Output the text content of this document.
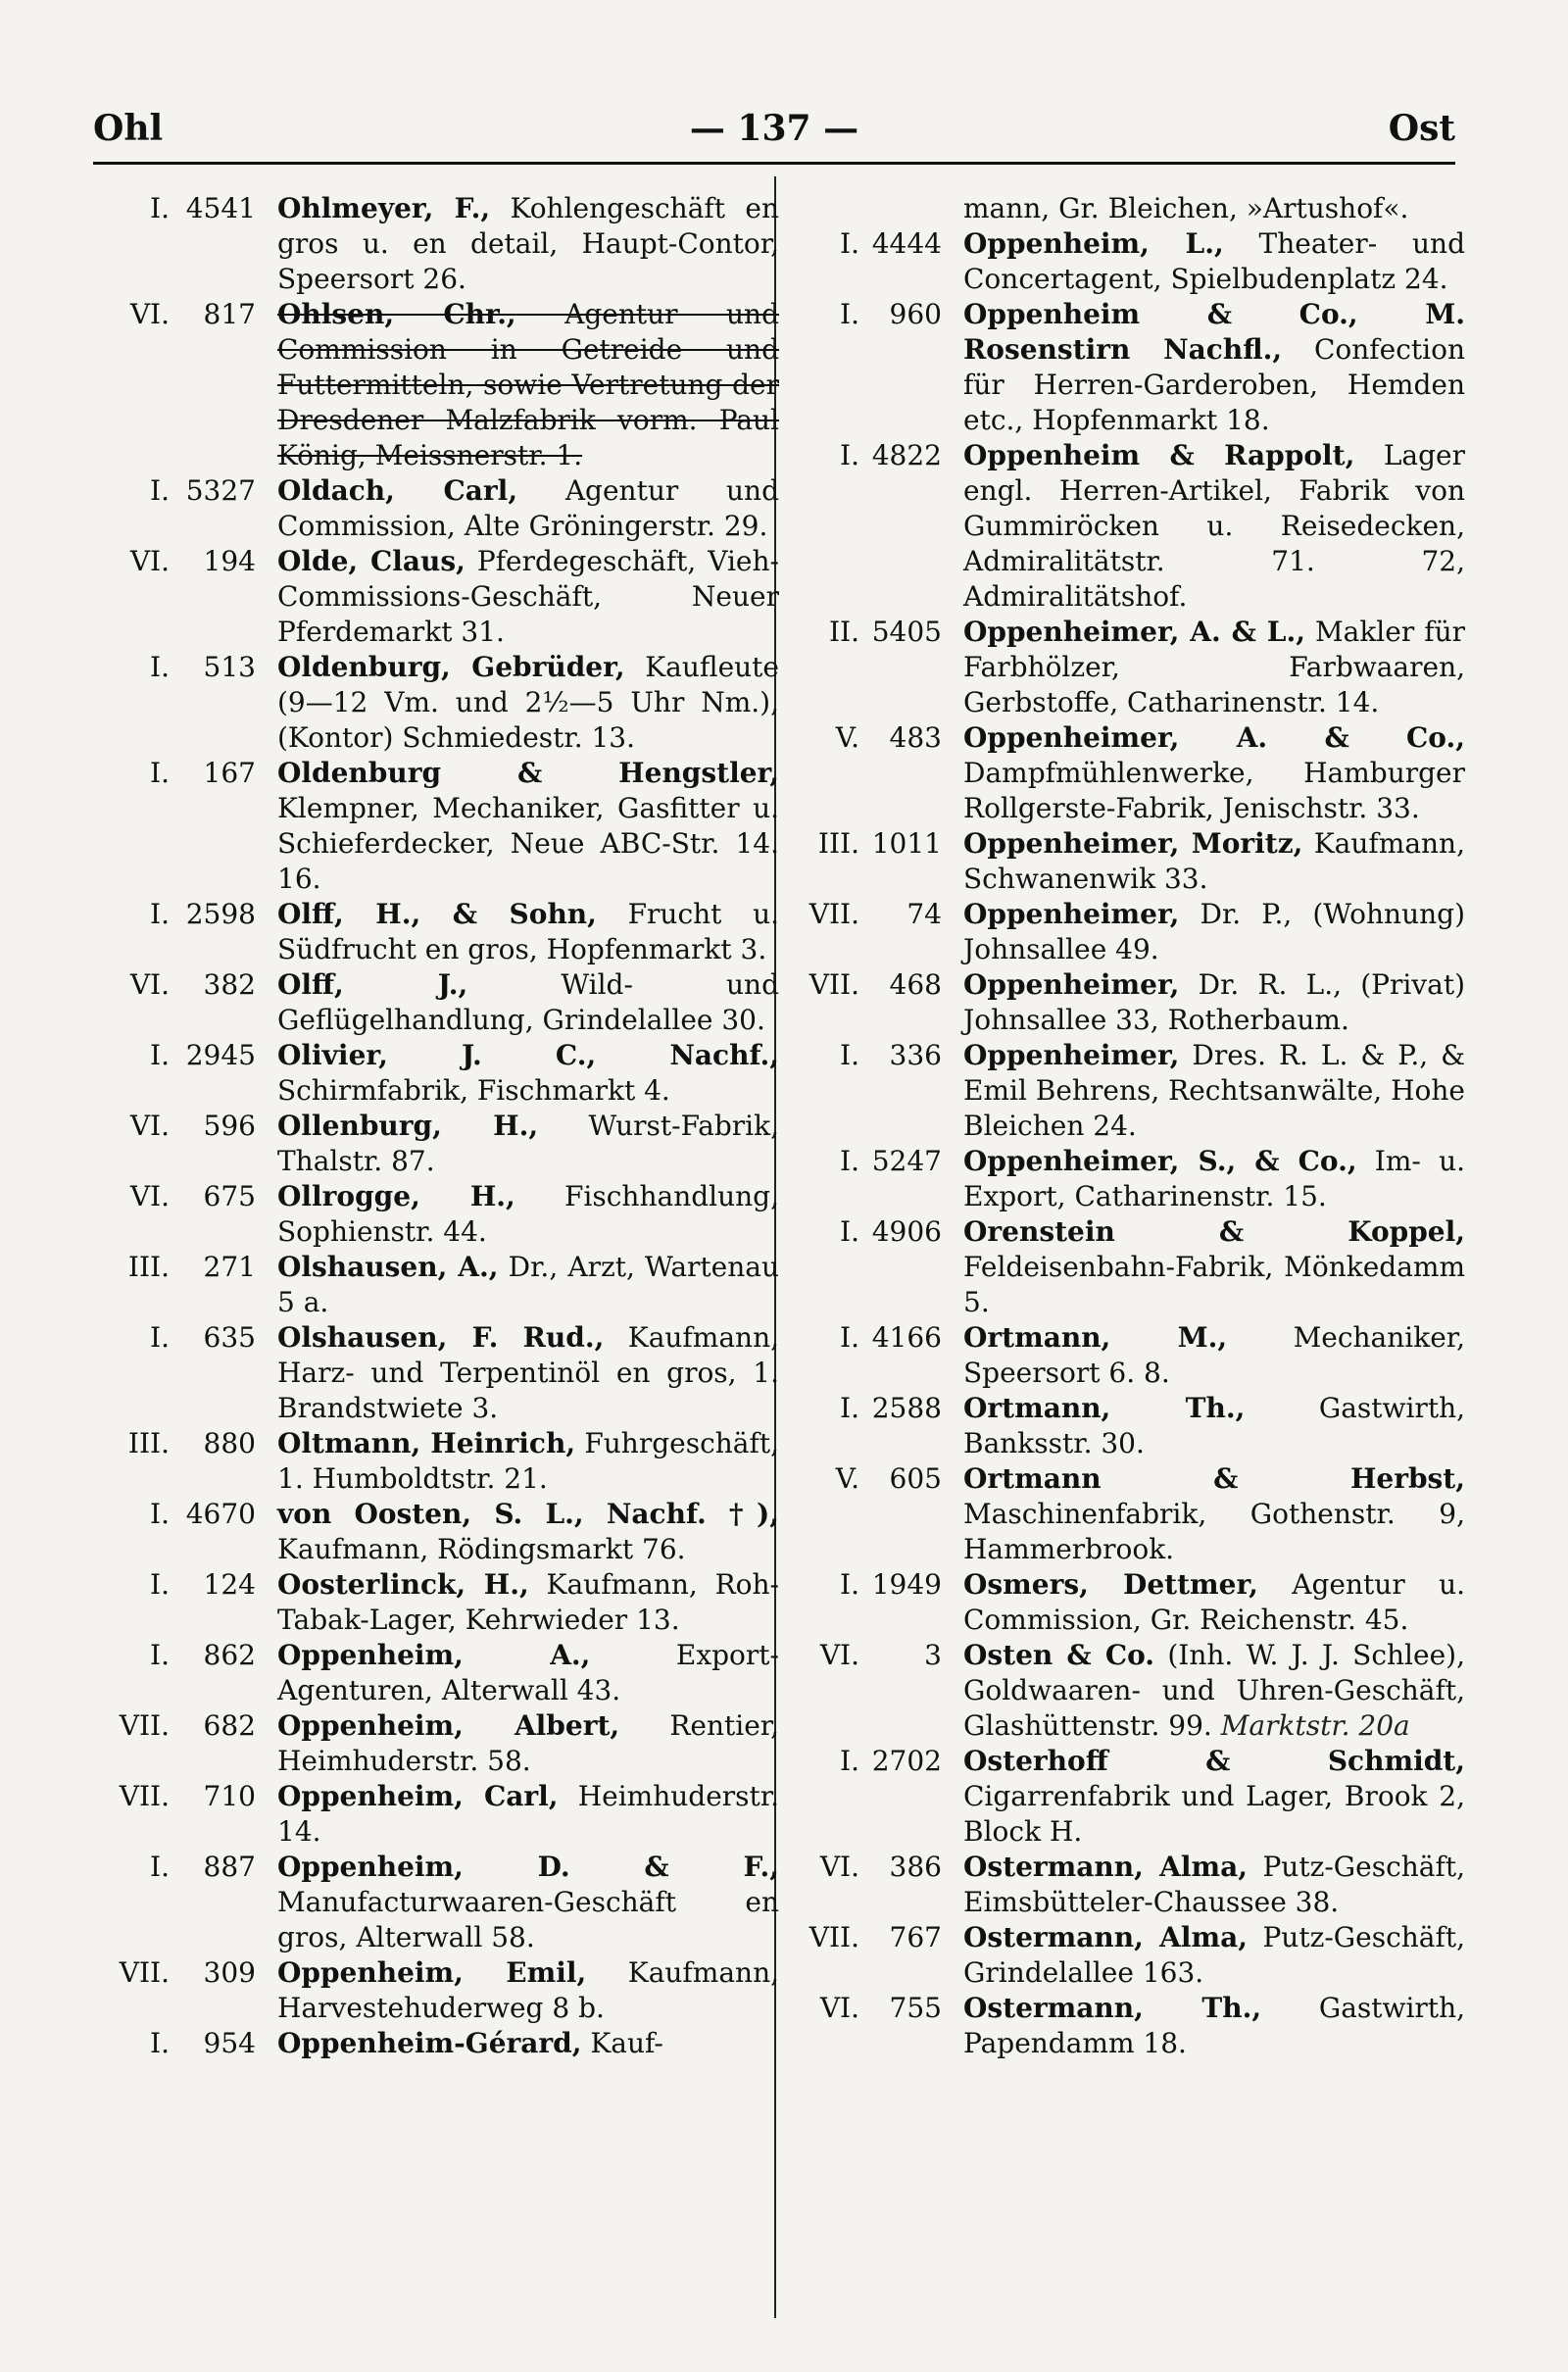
Ohl	— 137 —	Ost
I. 4541 Ohlmeyer, F., Kohlengeschäft en gros u. en detail, Haupt-Contor, Speersort 26.
VI. 817 Ohlsen, Chr., Agentur und Commission in Getreide und Futtermitteln, sowie Vertretung der Dresdener Malzfabrik vorm. Paul König, Meissnerstr. 1.
I. 5327 Oldach, Carl, Agentur und Commission, Alte Gröningerstr. 29.
VI. 194 Olde, Claus, Pferdegeschäft, Vieh-Commissions-Geschäft, Neuer Pferdemarkt 31.
I. 513 Oldenburg, Gebrüder, Kaufleute (9—12 Vm. und 2½—5 Uhr Nm.), (Kontor) Schmiedestr. 13.
I. 167 Oldenburg & Hengstler, Klempner, Mechaniker, Gasfitter u. Schieferdecker, Neue ABC-Str. 14. 16.
I. 2598 Olff, H., & Sohn, Frucht u. Südfrucht en gros, Hopfenmarkt 3.
VI. 382 Olff, J., Wild- und Geflügelhandlung, Grindelallee 30.
I. 2945 Olivier, J. C., Nachf., Schirmfabrik, Fischmarkt 4.
VI. 596 Ollenburg, H., Wurst-Fabrik, Thalstr. 87.
VI. 675 Ollrogge, H., Fischhandlung, Sophienstr. 44.
III. 271 Olshausen, A., Dr., Arzt, Wartenau 5 a.
I. 635 Olshausen, F. Rud., Kaufmann, Harz- und Terpentinöl en gros, 1. Brandstwiete 3.
III. 880 Oltmann, Heinrich, Fuhrgeschäft, 1. Humboldtstr. 21.
I. 4670 von Oosten, S. L., Nachf. †), Kaufmann, Rödingsmarkt 76.
I. 124 Oosterlinck, H., Kaufmann, Roh-Tabak-Lager, Kehrwieder 13.
I. 862 Oppenheim, A., Export-Agenturen, Alterwall 43.
VII. 682 Oppenheim, Albert, Rentier, Heimhuderstr. 58.
VII. 710 Oppenheim, Carl, Heimhuderstr. 14.
I. 887 Oppenheim, D. & F., Manufacturwaaren-Geschäft en gros, Alterwall 58.
VII. 309 Oppenheim, Emil, Kaufmann, Harvestehuderweg 8 b.
I. 954 Oppenheim-Gérard, Kauf-
mann, Gr. Bleichen, »Artushof«.
I. 4444 Oppenheim, L., Theater- und Concertagent, Spielbudenplatz 24.
I. 960 Oppenheim & Co., M. Rosenstirn Nachfl., Confection für Herren-Garderoben, Hemden etc., Hopfenmarkt 18.
I. 4822 Oppenheim & Rappolt, Lager engl. Herren-Artikel, Fabrik von Gummiröcken u. Reisedecken, Admiralitätstr. 71. 72, Admiralitätshof.
II. 5405 Oppenheimer, A. & L., Makler für Farbhölzer, Farbwaaren, Gerbstoffe, Catharinenstr. 14.
V. 483 Oppenheimer, A. & Co., Dampfmühlenwerke, Hamburger Rollgerste-Fabrik, Jenischstr. 33.
III. 1011 Oppenheimer, Moritz, Kaufmann, Schwanenwik 33.
VII. 74 Oppenheimer, Dr. P., (Wohnung) Johnsallee 49.
VII. 468 Oppenheimer, Dr. R. L., (Privat) Johnsallee 33, Rotherbaum.
I. 336 Oppenheimer, Dres. R. L. & P., & Emil Behrens, Rechtsanwälte, Hohe Bleichen 24.
I. 5247 Oppenheimer, S., & Co., Im- u. Export, Catharinenstr. 15.
I. 4906 Orenstein & Koppel, Feldeisenbahn-Fabrik, Mönkedamm 5.
I. 4166 Ortmann, M., Mechaniker, Speersort 6. 8.
I. 2588 Ortmann, Th., Gastwirth, Banksstr. 30.
V. 605 Ortmann & Herbst, Maschinenfabrik, Gothenstr. 9, Hammerbrook.
I. 1949 Osmers, Dettmer, Agentur u. Commission, Gr. Reichenstr. 45.
VI. 3 Osten & Co. (Inh. W. J. J. Schlee), Goldwaaren- und Uhren-Geschäft, Glashüttenstr. 99. Marktstr. 20a
I. 2702 Osterhoff & Schmidt, Cigarrenfabrik und Lager, Brook 2, Block H.
VI. 386 Ostermann, Alma, Putz-Geschäft, Eimsbütteler-Chaussee 38.
VII. 767 Ostermann, Alma, Putz-Geschäft, Grindelallee 163.
VI. 755 Ostermann, Th., Gastwirth, Papendamm 18.
